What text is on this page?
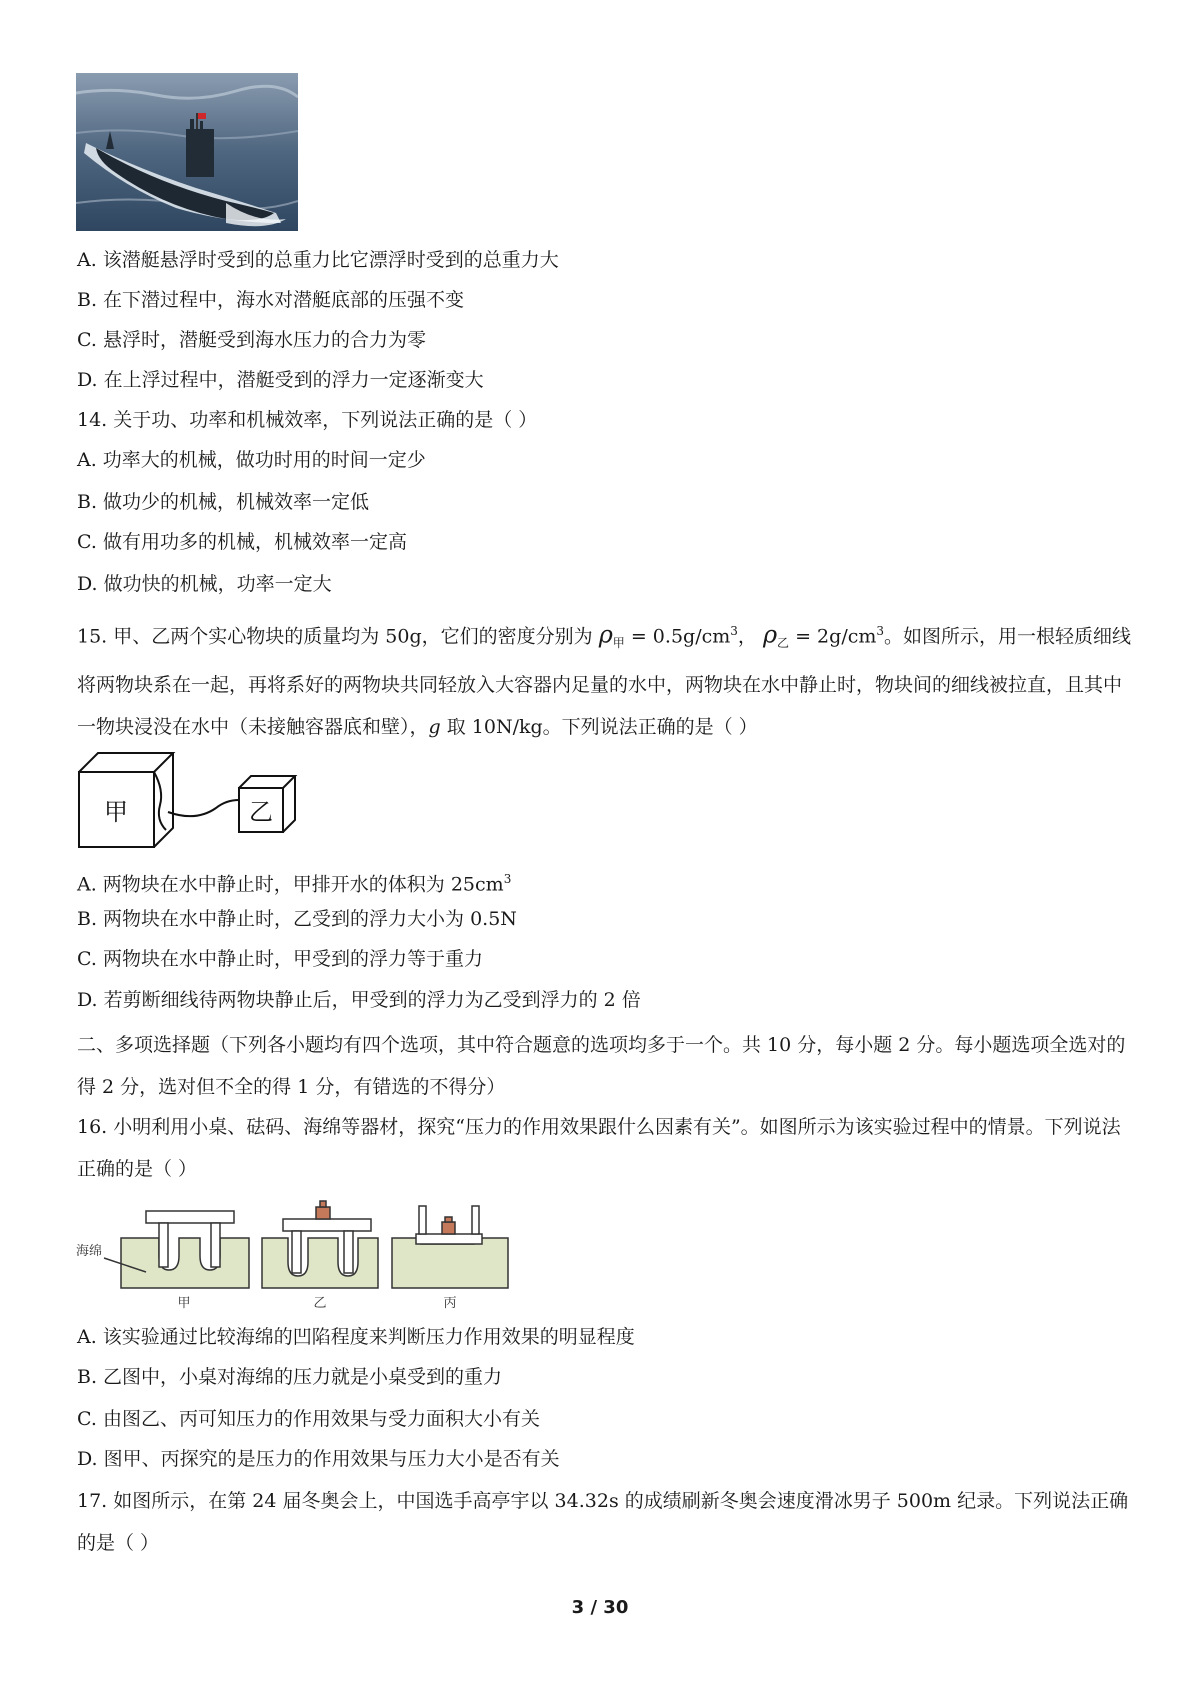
A. 该潜艇悬浮时受到的总重力比它漂浮时受到的总重力大
B. 在下潜过程中，海水对潜艇底部的压强不变
C. 悬浮时，潜艇受到海水压力的合力为零
D. 在上浮过程中，潜艇受到的浮力一定逐渐变大
14. 关于功、功率和机械效率，下列说法正确的是（ ）
A. 功率大的机械，做功时用的时间一定少
B. 做功少的机械，机械效率一定低
C. 做有用功多的机械，机械效率一定高
D. 做功快的机械，功率一定大
15. 甲、乙两个实心物块的质量均为 50g，它们的密度分别为 $\rho_甲 = 0.5g/cm^3$， $\rho_乙 = 2g/cm^3$。如图所示，用一根轻质细线将两物块系在一起，再将系好的两物块共同轻放入大容器内足量的水中，两物块在水中静止时，物块间的细线被拉直，且其中一物块浸没在水中（未接触容器底和壁），g 取 10N/kg。下列说法正确的是（ ）
甲	乙
A. 两物块在水中静止时，甲排开水的体积为 $25cm^3$
B. 两物块在水中静止时，乙受到的浮力大小为 0.5N
C. 两物块在水中静止时，甲受到的浮力等于重力
D. 若剪断细线待两物块静止后，甲受到的浮力为乙受到浮力的 2 倍
二、多项选择题（下列各小题均有四个选项，其中符合题意的选项均多于一个。共 10 分，每小题 2 分。每小题选项全选对的得 2 分，选对但不全的得 1 分，有错选的不得分）
16. 小明利用小桌、砝码、海绵等器材，探究“压力的作用效果跟什么因素有关”。如图所示为该实验过程中的情景。下列说法正确的是（ ）
海绵
甲	乙	丙
A. 该实验通过比较海绵的凹陷程度来判断压力作用效果的明显程度
B. 乙图中，小桌对海绵的压力就是小桌受到的重力
C. 由图乙、丙可知压力的作用效果与受力面积大小有关
D. 图甲、丙探究的是压力的作用效果与压力大小是否有关
17. 如图所示，在第 24 届冬奥会上，中国选手高亭宇以 34.32s 的成绩刷新冬奥会速度滑冰男子 500m 纪录。下列说法正确的是（ ）
3 / 30
